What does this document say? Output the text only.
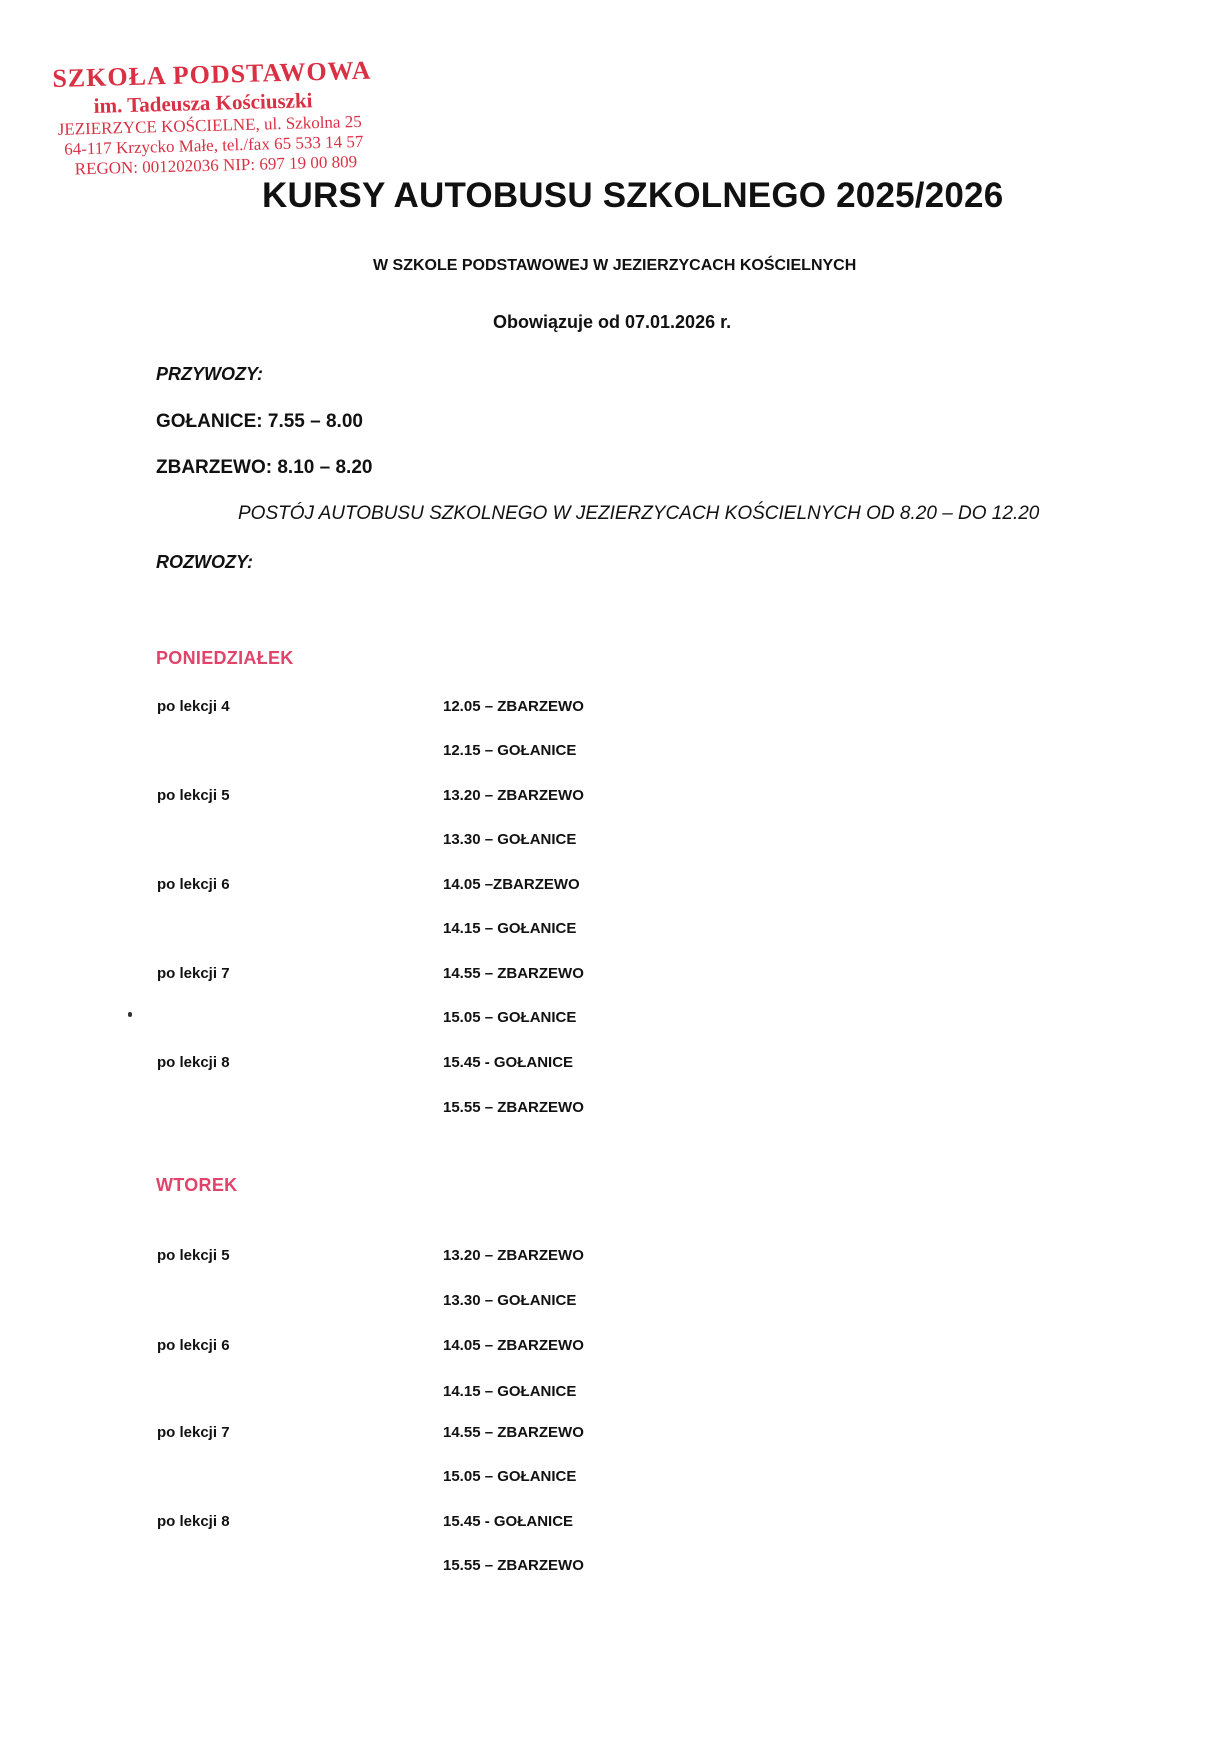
SZKOŁA PODSTAWOWA
im. Tadeusza Kościuszki
JEZIERZYCE KOŚCIELNE, ul. Szkolna 25
64-117 Krzycko Małe, tel./fax 65 533 14 57
REGON: 001202036 NIP: 697 19 00 809
KURSY AUTOBUSU SZKOLNEGO 2025/2026
W SZKOLE PODSTAWOWEJ W JEZIERZYCACH KOŚCIELNYCH
Obowiązuje od 07.01.2026 r.
PRZYWOZY:
GOŁANICE: 7.55 – 8.00
ZBARZEWO: 8.10 – 8.20
POSTÓJ AUTOBUSU SZKOLNEGO W JEZIERZYCACH KOŚCIELNYCH OD 8.20 – DO 12.20
ROZWOZY:
PONIEDZIAŁEK
po lekcji 4	12.05 – ZBARZEWO
12.15 – GOŁANICE
po lekcji 5	13.20 – ZBARZEWO
13.30 – GOŁANICE
po lekcji 6	14.05 –ZBARZEWO
14.15 – GOŁANICE
po lekcji 7	14.55 – ZBARZEWO
15.05 – GOŁANICE
po lekcji 8	15.45 - GOŁANICE
15.55 – ZBARZEWO
WTOREK
po lekcji 5	13.20 – ZBARZEWO
13.30 – GOŁANICE
po lekcji 6	14.05 – ZBARZEWO
14.15 – GOŁANICE
po lekcji 7	14.55 – ZBARZEWO
15.05 – GOŁANICE
po lekcji 8	15.45 - GOŁANICE
15.55 – ZBARZEWO
